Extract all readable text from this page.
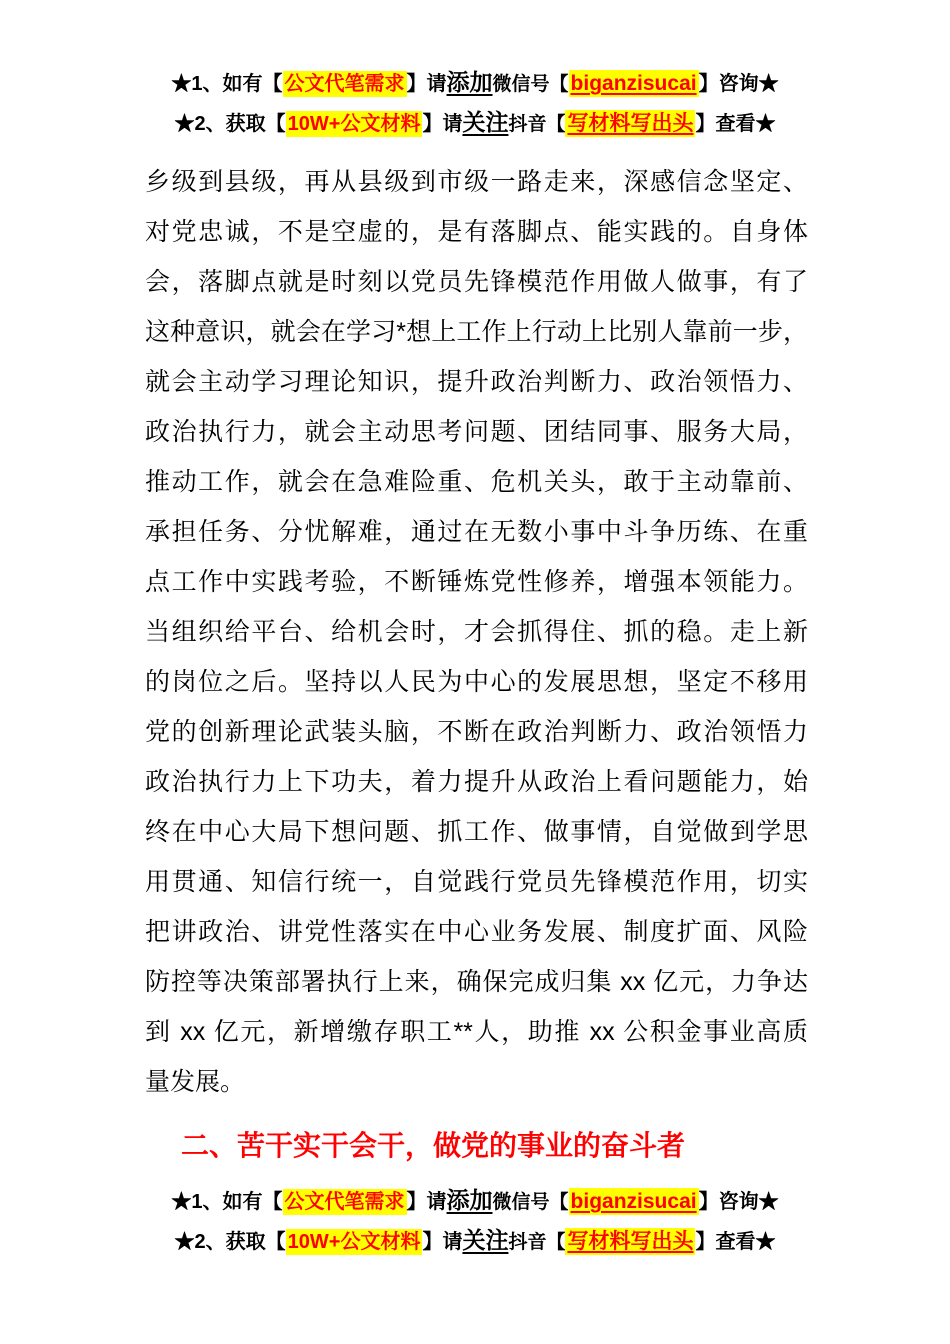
★1、如有【 公文代笔需求 】请添加微信号【biganzisucai 】咨询★
★2、获取【 10W+公文材料 】请关注抖音【写材料写出头 】查看★
乡级到县级，再从县级到市级一路走来，深感信念坚定、
对党忠诚，不是空虚的，是有落脚点、能实践的。自身体
会，落脚点就是时刻以党员先锋模范作用做人做事，有了
这种意识，就会在学习*想上工作上行动上比别人靠前一步，
就会主动学习理论知识，提升政治判断力、政治领悟力、
政治执行力，就会主动思考问题、团结同事、服务大局，
推动工作，就会在急难险重、危机关头，敢于主动靠前、
承担任务、分忧解难，通过在无数小事中斗争历练、在重
点工作中实践考验，不断锤炼党性修养，增强本领能力。
当组织给平台、给机会时，才会抓得住、抓的稳。走上新
的岗位之后。坚持以人民为中心的发展思想，坚定不移用
党的创新理论武装头脑，不断在政治判断力、政治领悟力
政治执行力上下功夫，着力提升从政治上看问题能力，始
终在中心大局下想问题、抓工作、做事情，自觉做到学思
用贯通、知信行统一，自觉践行党员先锋模范作用，切实
把讲政治、讲党性落实在中心业务发展、制度扩面、风险
防控等决策部署执行上来，确保完成归集 xx 亿元，力争达
到 xx 亿元，新增缴存职工**人，助推 xx 公积金事业高质
量发展。
二、苦干实干会干，做党的事业的奋斗者
★1、如有【 公文代笔需求 】请添加微信号【biganzisucai 】咨询★
★2、获取【 10W+公文材料 】请关注抖音【写材料写出头 】查看★
